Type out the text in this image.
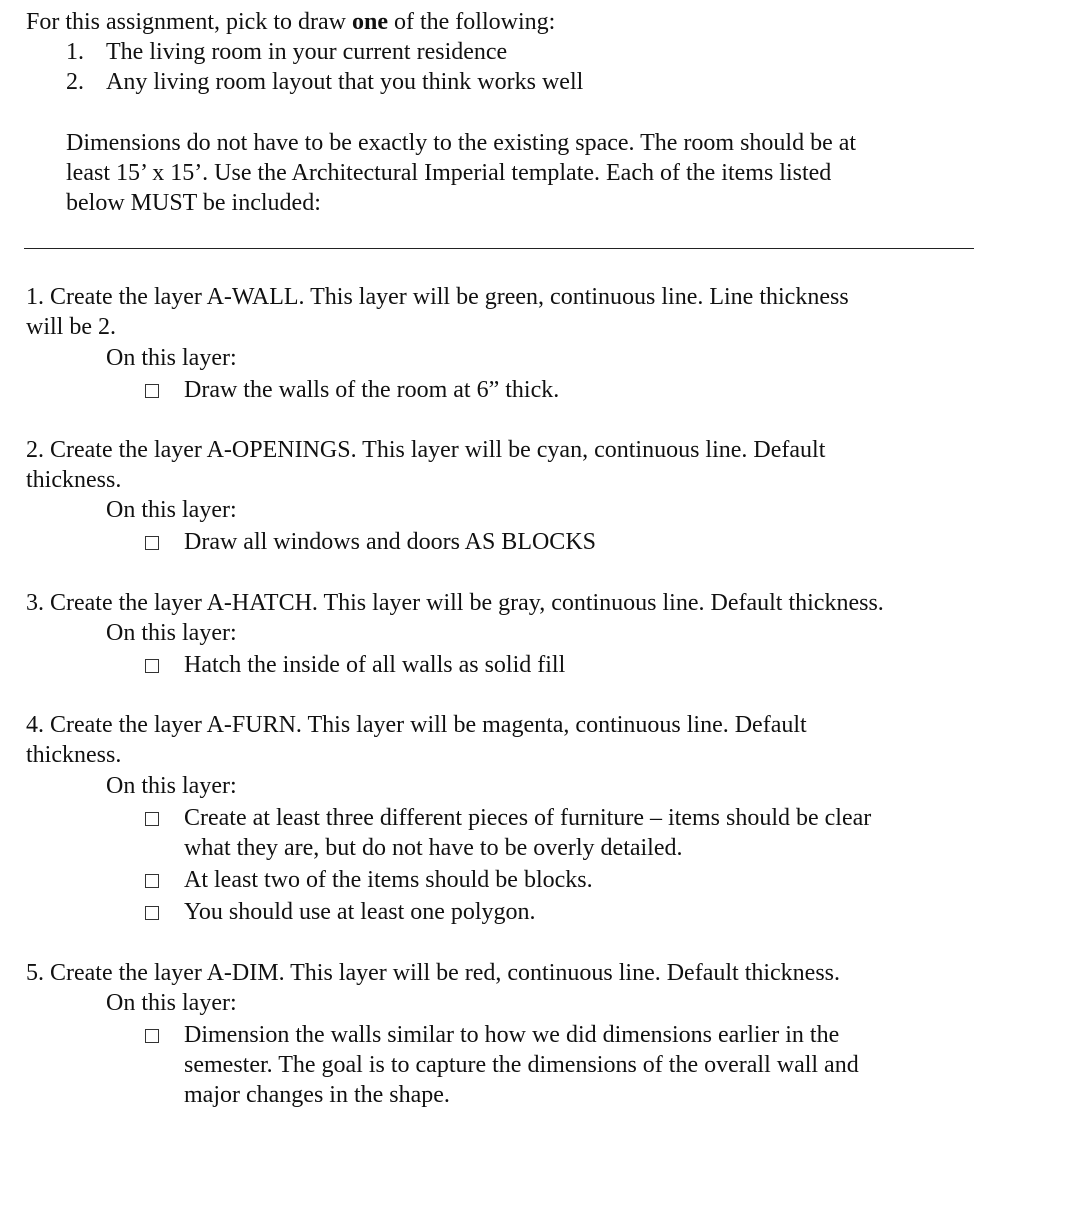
For this assignment, pick to draw one of the following:
1. The living room in your current residence
2. Any living room layout that you think works well
Dimensions do not have to be exactly to the existing space. The room should be at
least 15’ x 15’. Use the Architectural Imperial template. Each of the items listed
below MUST be included:
1. Create the layer A-WALL. This layer will be green, continuous line. Line thickness
will be 2.
On this layer:
Draw the walls of the room at 6” thick.
2. Create the layer A-OPENINGS. This layer will be cyan, continuous line. Default
thickness.
On this layer:
Draw all windows and doors AS BLOCKS
3. Create the layer A-HATCH. This layer will be gray, continuous line. Default thickness.
On this layer:
Hatch the inside of all walls as solid fill
4. Create the layer A-FURN. This layer will be magenta, continuous line. Default
thickness.
On this layer:
Create at least three different pieces of furniture – items should be clear
what they are, but do not have to be overly detailed.
At least two of the items should be blocks.
You should use at least one polygon.
5. Create the layer A-DIM. This layer will be red, continuous line. Default thickness.
On this layer:
Dimension the walls similar to how we did dimensions earlier in the
semester. The goal is to capture the dimensions of the overall wall and
major changes in the shape.
